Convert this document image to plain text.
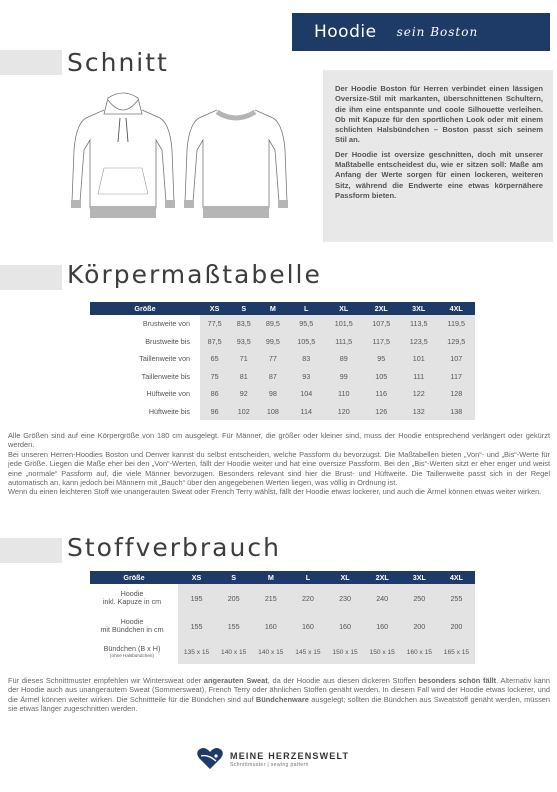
Hoodie sein Boston
Schnitt

Der Hoodie Boston für Herren verbindet einen lässigen Oversize-Stil mit markanten, überschnittenen Schultern, die ihm eine entspannte und coole Silhouette verleihen. Ob mit Kapuze für den sportlichen Look oder mit einem schlichten Halsbündchen – Boston passt sich seinem Stil an.

Der Hoodie ist oversize geschnitten, doch mit unserer Maßtabelle entscheidest du, wie er sitzen soll: Maße am Anfang der Werte sorgen für einen lockeren, weiteren Sitz, während die Endwerte eine etwas körpernähere Passform bieten.

Körpermaßtabelle
Größe	XS	S	M	L	XL	2XL	3XL	4XL
Brustweite von	77,5	83,5	89,5	95,5	101,5	107,5	113,5	119,5
Brustweite bis	87,5	93,5	99,5	105,5	111,5	117,5	123,5	129,5
Taillenweite von	65	71	77	83	89	95	101	107
Taillenweite bis	75	81	87	93	99	105	111	117
Hüftweite von	86	92	98	104	110	116	122	128
Hüftweite bis	96	102	108	114	120	126	132	138
Alle Größen sind auf eine Körpergröße von 180 cm ausgelegt. Für Männer, die größer oder kleiner sind, muss der Hoodie entsprechend verlängert oder gekürzt werden.
Bei unseren Herren-Hoodies Boston und Denver kannst du selbst entscheiden, welche Passform du bevorzugst. Die Maßtabellen bieten „Von“- und „Bis“-Werte für jede Größe. Liegen die Maße eher bei den „Von“-Werten, fällt der Hoodie weiter und hat eine oversize Passform. Bei den „Bis“-Werten sitzt er eher enger und weist eine „normale“ Passform auf, die viele Männer bevorzugen. Besonders relevant sind hier die Brust- und Hüftweite. Die Taillenweite passt sich in der Regel automatisch an, kann jedoch bei Männern mit „Bauch“ über den angegebenen Werten liegen, was völlig in Ordnung ist.
Wenn du einen leichteren Stoff wie unangerauten Sweat oder French Terry wählst, fällt der Hoodie etwas lockerer, und auch die Ärmel können etwas weiter wirken.
Stoffverbrauch
Größe	XS	S	M	L	XL	2XL	3XL	4XL

Hoodie
inkl. Kapuze in cm	195	205	215	220	230	240	250	255

Hoodie
mit Bündchen in cm	155	155	160	160	160	160	200	200

Bündchen (B x H)
(ohne Halsbündchen)	135 x 15	140 x 15	140 x 15	145 x 15	150 x 15	150 x 15	160 x 15	165 x 15
Für dieses Schnittmuster empfehlen wir Wintersweat oder angerauten Sweat, da der Hoodie aus diesen dickeren Stoffen besonders schön fällt. Alternativ kann der Hoodie auch aus unangerautem Sweat (Sommersweat), French Terry oder ähnlichen Stoffen genäht werden. In diesem Fall wird der Hoodie etwas lockerer, und die Ärmel können weiter wirken. Die Schnittteile für die Bündchen sind auf Bündchenware ausgelegt; sollten die Bündchen aus Sweatstoff genäht werden, müssen sie etwas länger zugeschnitten werden.
MEINE HERZENSWELT
Schnittmuster | sewing pattern
